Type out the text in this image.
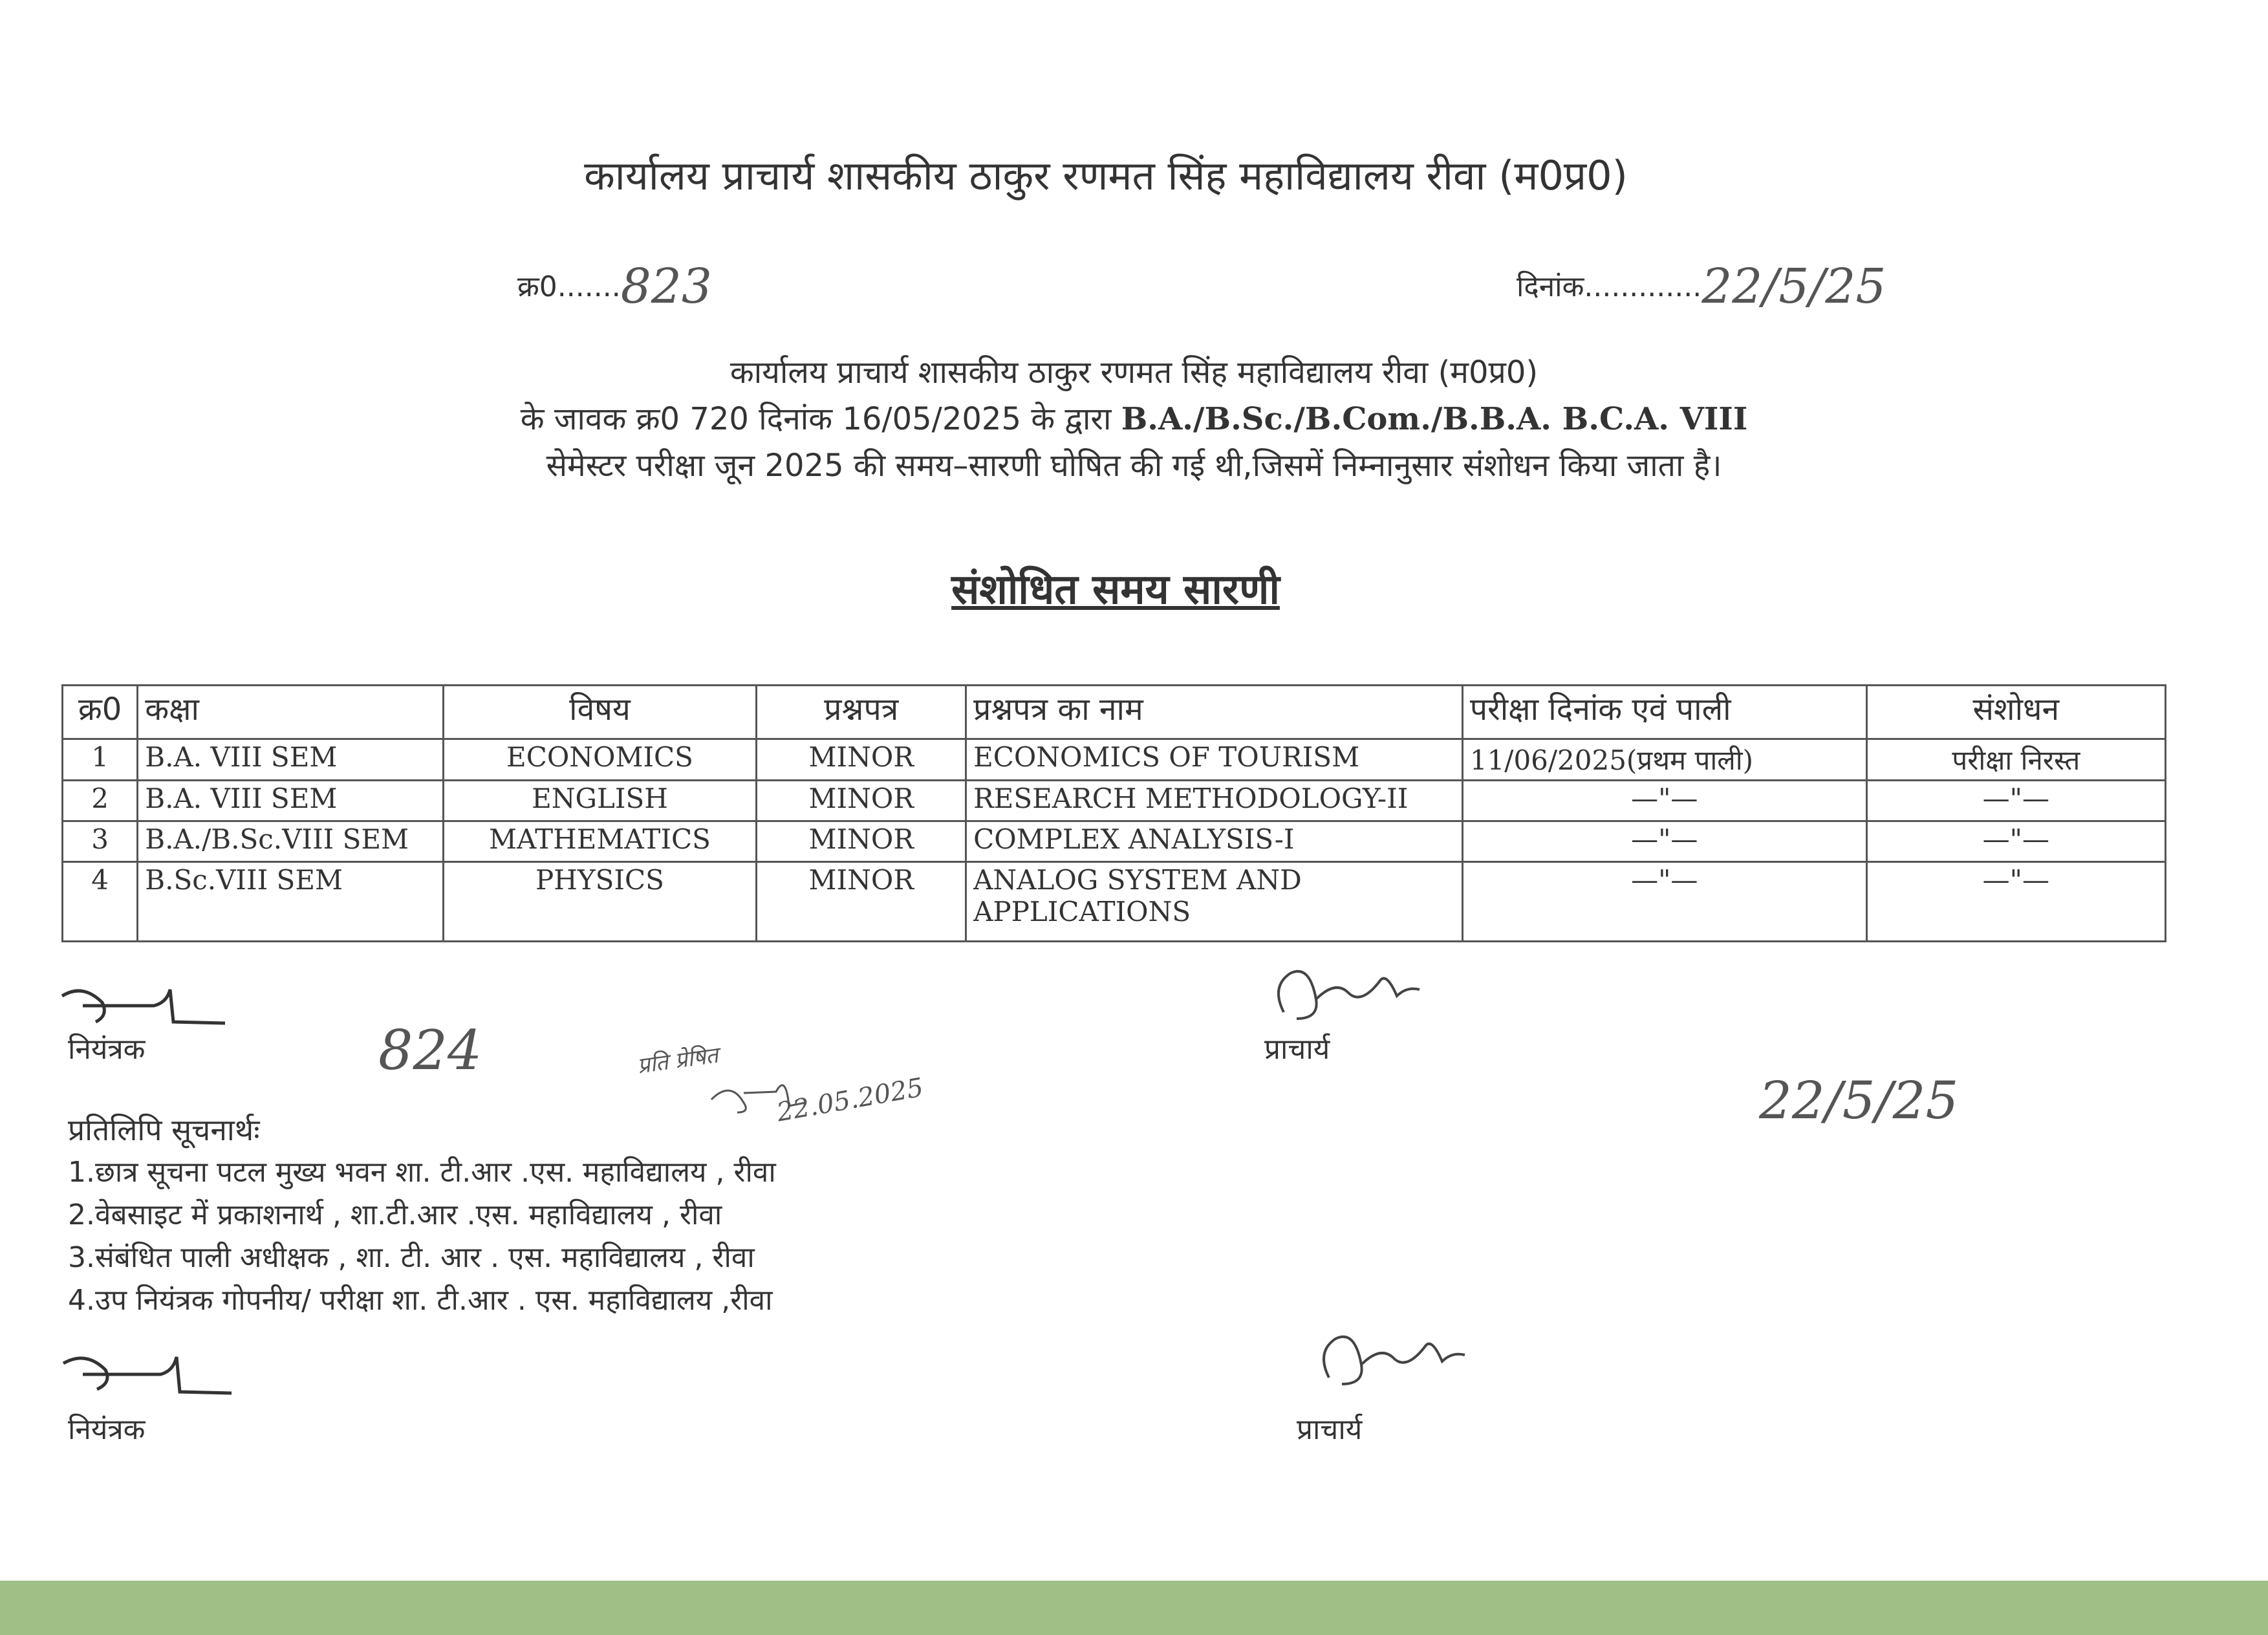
कार्यालय प्राचार्य शासकीय ठाकुर रणमत सिंह महाविद्यालय रीवा (म0प्र0)
क्र0.......823	दिनांक.............22/5/25
कार्यालय प्राचार्य शासकीय ठाकुर रणमत सिंह महाविद्यालय रीवा (म0प्र0)
के जावक क्र0 720 दिनांक 16/05/2025 के द्वारा B.A./B.Sc./B.Com./B.B.A. B.C.A. VIII
सेमेस्टर परीक्षा जून 2025 की समय–सारणी घोषित की गई थी,जिसमें निम्नानुसार संशोधन किया जाता है।
संशोधित समय सारणी
क्र0	कक्षा	विषय	प्रश्नपत्र	प्रश्नपत्र का नाम	परीक्षा दिनांक एवं पाली	संशोधन
1	B.A. VIII SEM	ECONOMICS	MINOR	ECONOMICS OF TOURISM	11/06/2025(प्रथम पाली)	परीक्षा निरस्त
2	B.A. VIII SEM	ENGLISH	MINOR	RESEARCH METHODOLOGY-II	—"—	—"—
3	B.A./B.Sc.VIII SEM	MATHEMATICS	MINOR	COMPLEX ANALYSIS-I	—"—	—"—
4	B.Sc.VIII SEM	PHYSICS	MINOR	ANALOG SYSTEM AND APPLICATIONS	—"—	—"—
नियंत्रक	824	प्राचार्य
प्रति प्रेषित
22.05.2025	22/5/25
प्रतिलिपि सूचनार्थः
1.छात्र सूचना पटल मुख्य भवन शा. टी.आर .एस. महाविद्यालय , रीवा
2.वेबसाइट में प्रकाशनार्थ , शा.टी.आर .एस. महाविद्यालय , रीवा
3.संबंधित पाली अधीक्षक , शा. टी. आर . एस. महाविद्यालय , रीवा
4.उप नियंत्रक गोपनीय/ परीक्षा शा. टी.आर . एस. महाविद्यालय ,रीवा
नियंत्रक	प्राचार्य
